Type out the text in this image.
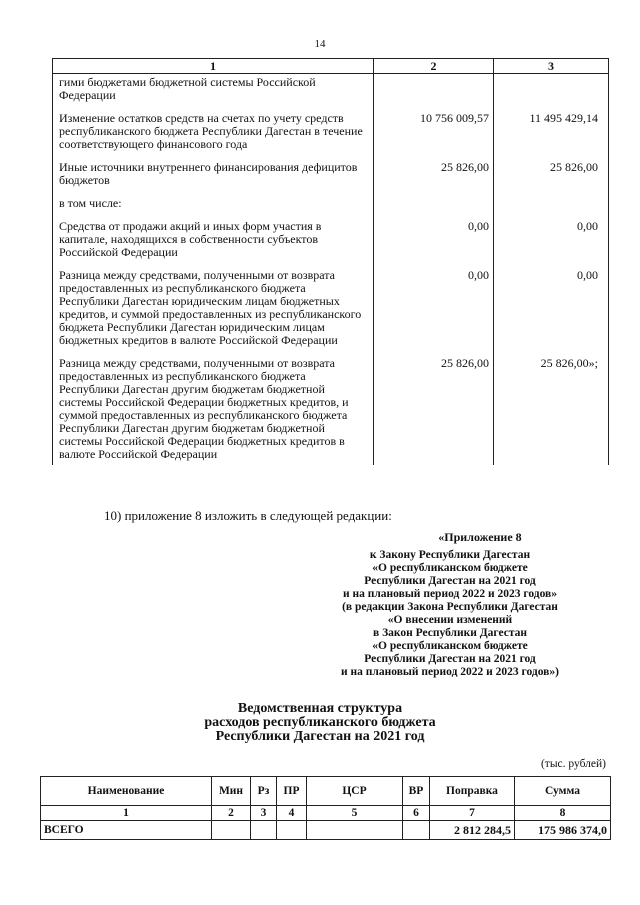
14
1	2	3
гими бюджетами бюджетной системы Российской Федерации		
Изменение остатков средств на счетах по учету средств республиканского бюджета Республики Дагестан в течение соответствующего финансового года	10 756 009,57	11 495 429,14
Иные источники внутреннего финансирования дефицитов бюджетов	25 826,00	25 826,00
в том числе:		
Средства от продажи акций и иных форм участия в капитале, находящихся в собственности субъектов Российской Федерации	0,00	0,00
Разница между средствами, полученными от возврата предоставленных из республиканского бюджета Республики Дагестан юридическим лицам бюджетных кредитов, и суммой предоставленных из республиканского бюджета Республики Дагестан юридическим лицам бюджетных кредитов в валюте Российской Федерации	0,00	0,00
Разница между средствами, полученными от возврата предоставленных из республиканского бюджета Республики Дагестан другим бюджетам бюджетной системы Российской Федерации бюджетных кредитов, и суммой предоставленных из республиканского бюджета Республики Дагестан другим бюджетам бюджетной системы Российской Федерации бюджетных кредитов в валюте Российской Федерации	25 826,00	25 826,00»;
10) приложение 8 изложить в следующей редакции:
«Приложение 8
к Закону Республики Дагестан
«О республиканском бюджете
Республики Дагестан на 2021 год
и на плановый период 2022 и 2023 годов»
(в редакции Закона Республики Дагестан
«О внесении изменений
в Закон Республики Дагестан
«О республиканском бюджете
Республики Дагестан на 2021 год
и на плановый период 2022 и 2023 годов»)
Ведомственная структура
расходов республиканского бюджета
Республики Дагестан на 2021 год
(тыс. рублей)
Наименование	Мин	Рз	ПР	ЦСР	ВР	Поправка	Сумма
1	2	3	4	5	6	7	8
ВСЕГО						2 812 284,5	175 986 374,0
